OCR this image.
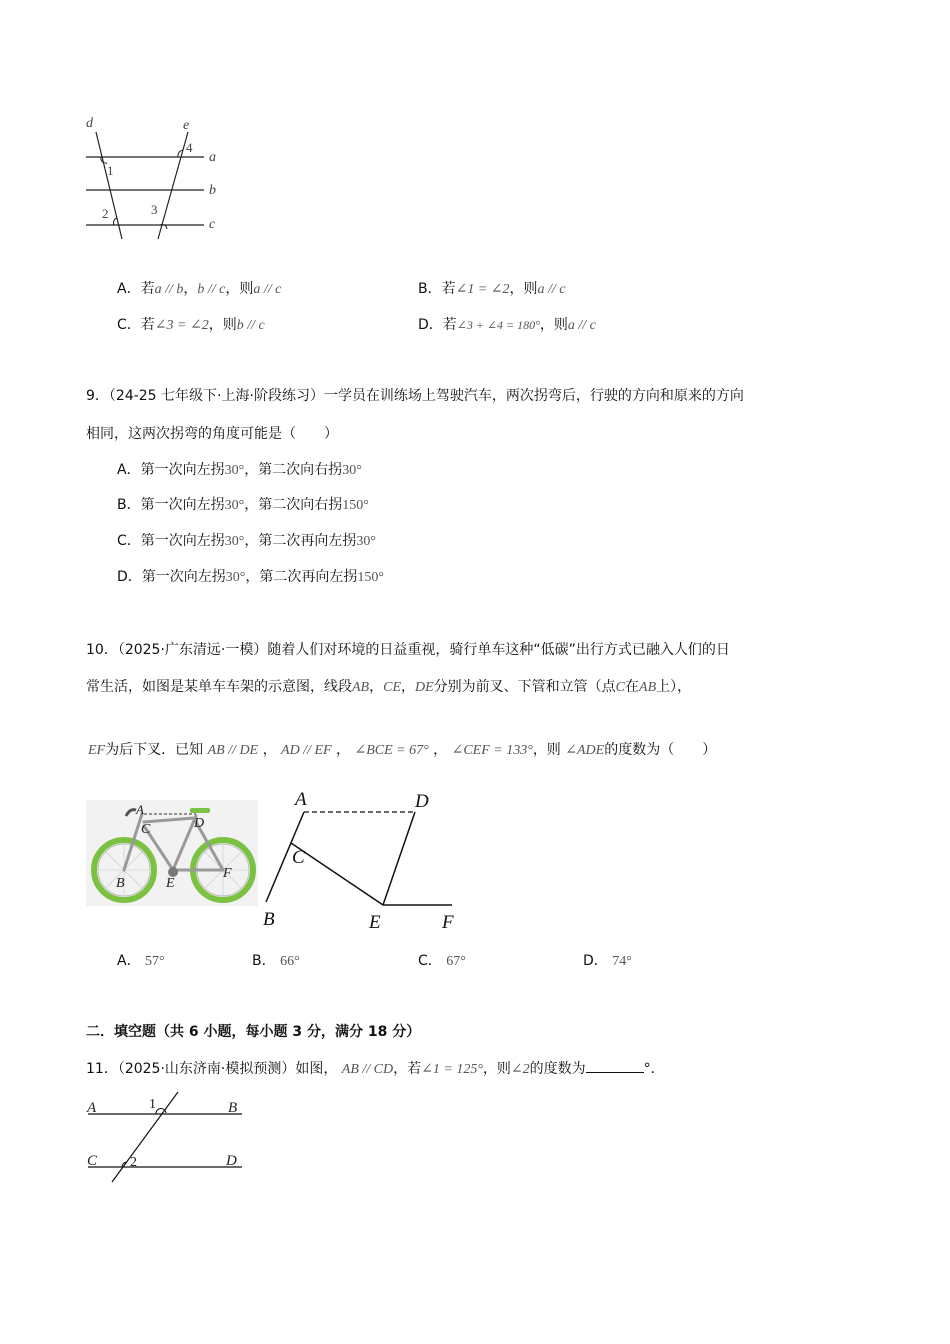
d	e
a
b
c
1
2	3
4
A．若a // b，b // c，则a // c	B．若∠1 = ∠2，则a // c
C．若∠3 = ∠2，则b // c	D．若∠3 + ∠4 = 180°，则a // c
9．（24-25 七年级下·上海·阶段练习）一学员在训练场上驾驶汽车，两次拐弯后，行驶的方向和原来的方向
相同，这两次拐弯的角度可能是（　　）
A．第一次向左拐30°，第二次向右拐30°
B．第一次向左拐30°，第二次向右拐150°
C．第一次向左拐30°，第二次再向左拐30°
D．第一次向左拐30°，第二次再向左拐150°
10．（2025·广东清远·一模）随着人们对环境的日益重视，骑行单车这种“低碳”出行方式已融入人们的日
常生活，如图是某单车车架的示意图，线段AB，CE，DE分别为前叉、下管和立管（点C在AB上），
EF为后下叉．已知 AB // DE ， AD // EF ， ∠BCE = 67° ， ∠CEF = 133°，则 ∠ADE的度数为（　　）
A
C	D
B	E
F
A	D
C
B	E	F
A． 57°	B． 66°	C． 67°	D． 74°
二．填空题（共 6 小题，每小题 3 分，满分 18 分）
11．（2025·山东济南·模拟预测）如图， AB // CD，若∠1 = 125°，则∠2的度数为	°．
A	B
C	D
1
2
